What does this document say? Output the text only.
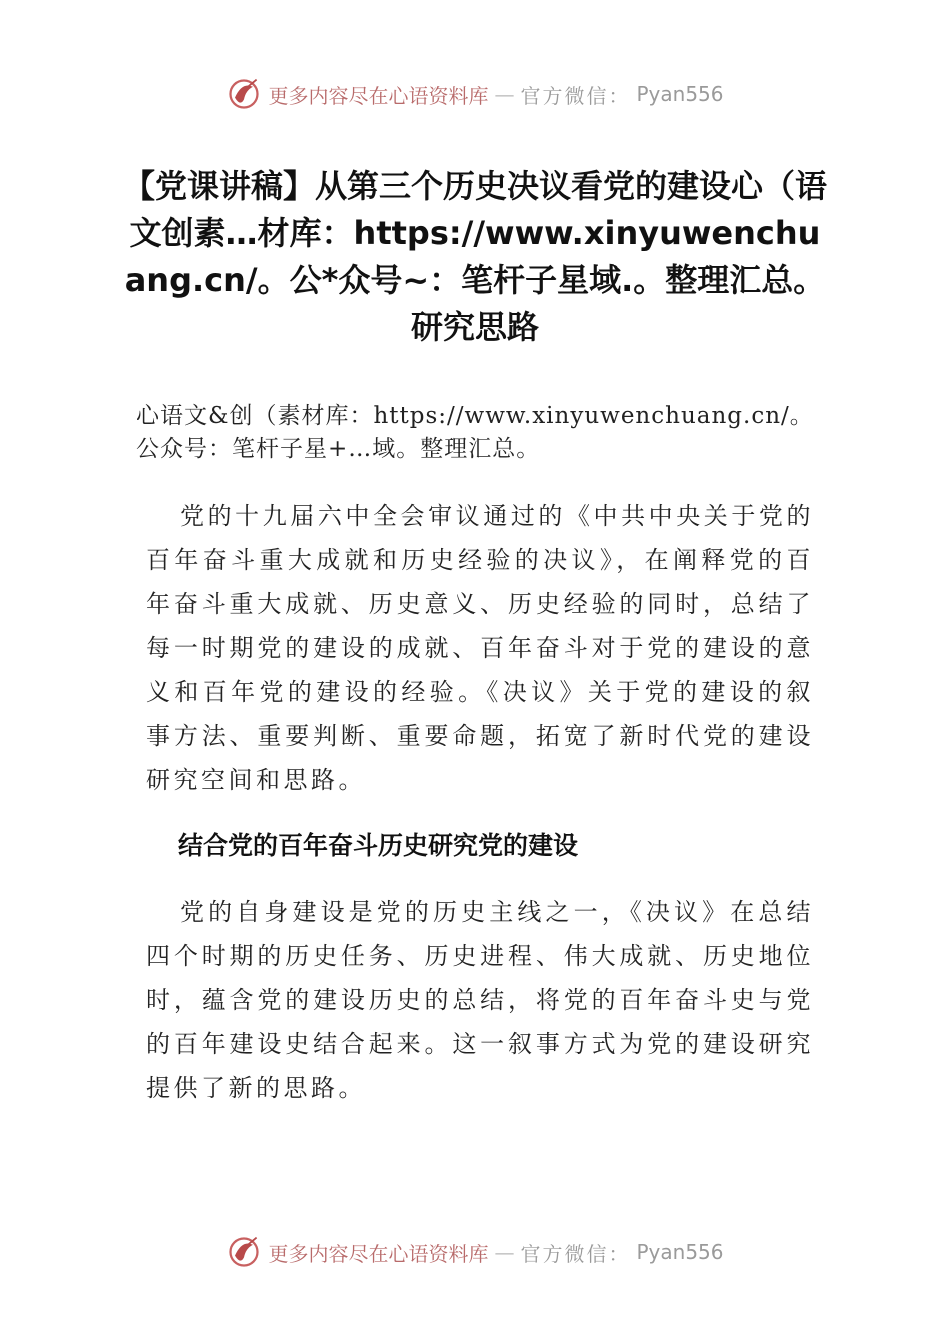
更多内容尽在心语资料库 — 官方微信： Pyan556
【党课讲稿】从第三个历史决议看党的建设心（语文创素…材库：https://www.xinyuwenchuang.cn/。公*众号~：笔杆子星域.。整理汇总。研究思路

心语文&创（素材库：https://www.xinyuwenchuang.cn/。公众号：笔杆子星+…域。整理汇总。

党的十九届六中全会审议通过的《中共中央关于党的百年奋斗重大成就和历史经验的决议》，在阐释党的百年奋斗重大成就、历史意义、历史经验的同时，总结了每一时期党的建设的成就、百年奋斗对于党的建设的意义和百年党的建设的经验。《决议》关于党的建设的叙事方法、重要判断、重要命题，拓宽了新时代党的建设研究空间和思路。

结合党的百年奋斗历史研究党的建设

党的自身建设是党的历史主线之一，《决议》在总结四个时期的历史任务、历史进程、伟大成就、历史地位时，蕴含党的建设历史的总结，将党的百年奋斗史与党的百年建设史结合起来。这一叙事方式为党的建设研究提供了新的思路。

更多内容尽在心语资料库 — 官方微信： Pyan556
